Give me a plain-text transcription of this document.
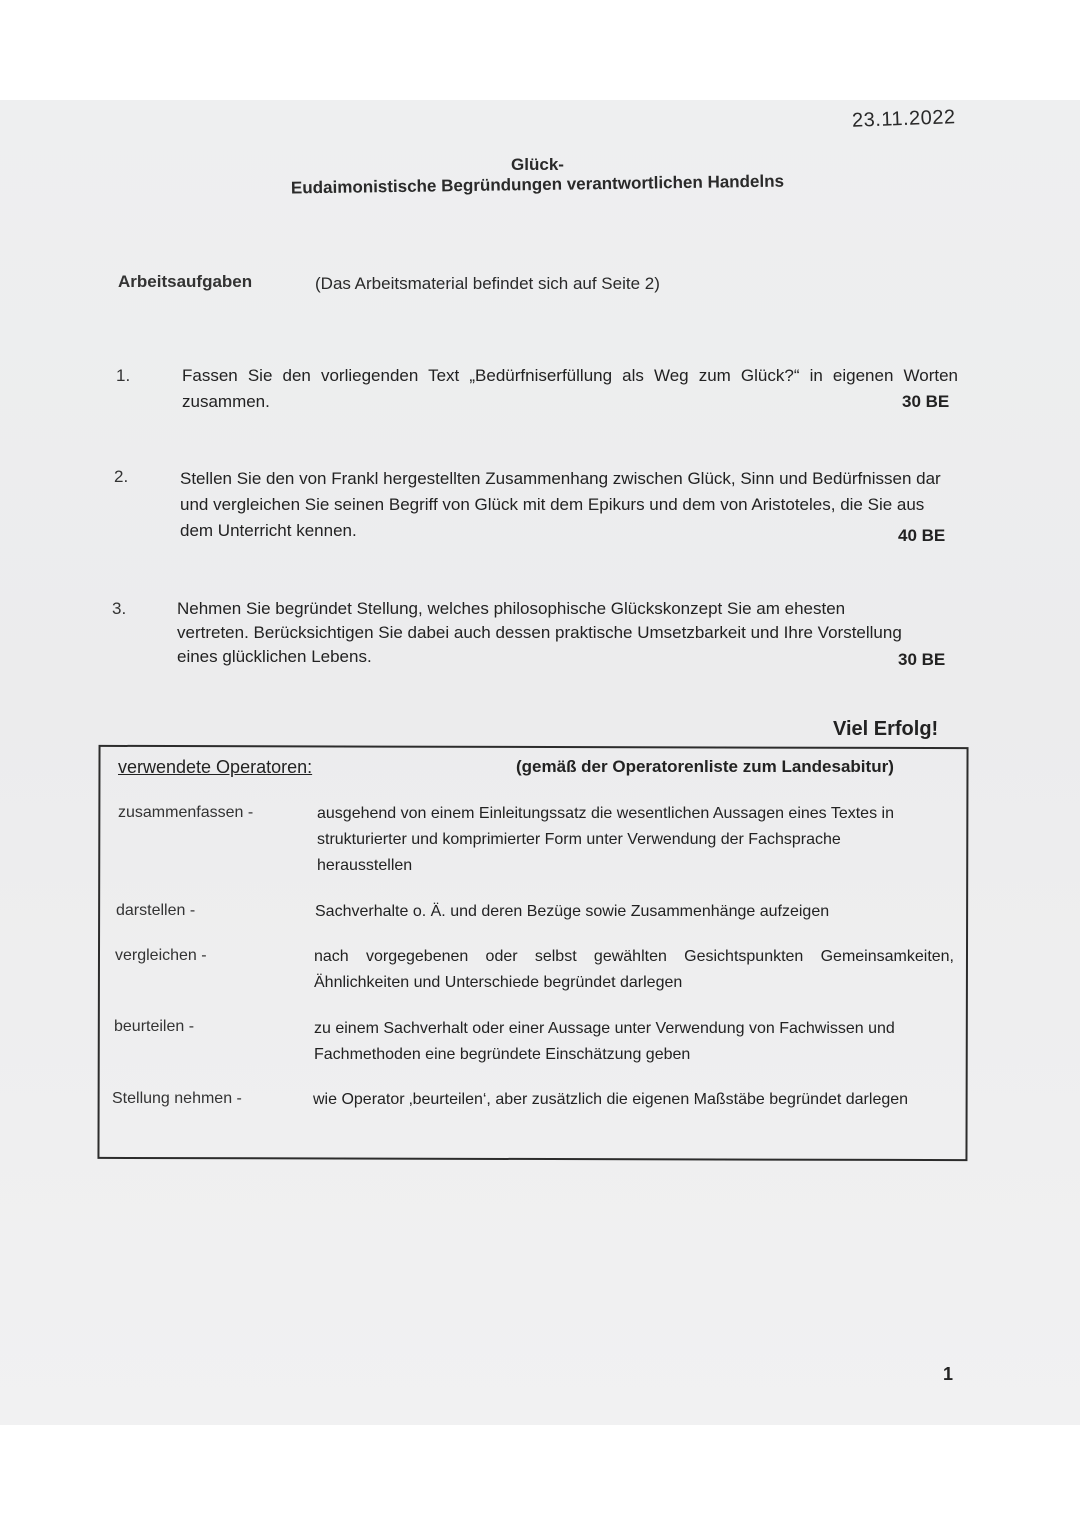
23.11.2022
Glück-
Eudaimonistische Begründungen verantwortlichen Handelns
Arbeitsaufgaben	(Das Arbeitsmaterial befindet sich auf Seite 2)
1.	Fassen Sie den vorliegenden Text „Bedürfniserfüllung als Weg zum Glück?“ in eigenen Worten zusammen.	30 BE
2.	Stellen Sie den von Frankl hergestellten Zusammenhang zwischen Glück, Sinn und Bedürfnissen dar und vergleichen Sie seinen Begriff von Glück mit dem Epikurs und dem von Aristoteles, die Sie aus dem Unterricht kennen.	40 BE
3.	Nehmen Sie begründet Stellung, welches philosophische Glückskonzept Sie am ehesten vertreten. Berücksichtigen Sie dabei auch dessen praktische Umsetzbarkeit und Ihre Vorstellung eines glücklichen Lebens.	30 BE
Viel Erfolg!
verwendete Operatoren:	(gemäß der Operatorenliste zum Landesabitur)
zusammenfassen -	ausgehend von einem Einleitungssatz die wesentlichen Aussagen eines Textes in strukturierter und komprimierter Form unter Verwendung der Fachsprache herausstellen
darstellen -	Sachverhalte o. Ä. und deren Bezüge sowie Zusammenhänge aufzeigen
vergleichen -	nach vorgegebenen oder selbst gewählten Gesichtspunkten Gemeinsamkeiten, Ähnlichkeiten und Unterschiede begründet darlegen
beurteilen -	zu einem Sachverhalt oder einer Aussage unter Verwendung von Fachwissen und Fachmethoden eine begründete Einschätzung geben
Stellung nehmen -	wie Operator ‚beurteilen‘, aber zusätzlich die eigenen Maßstäbe begründet darlegen
1
